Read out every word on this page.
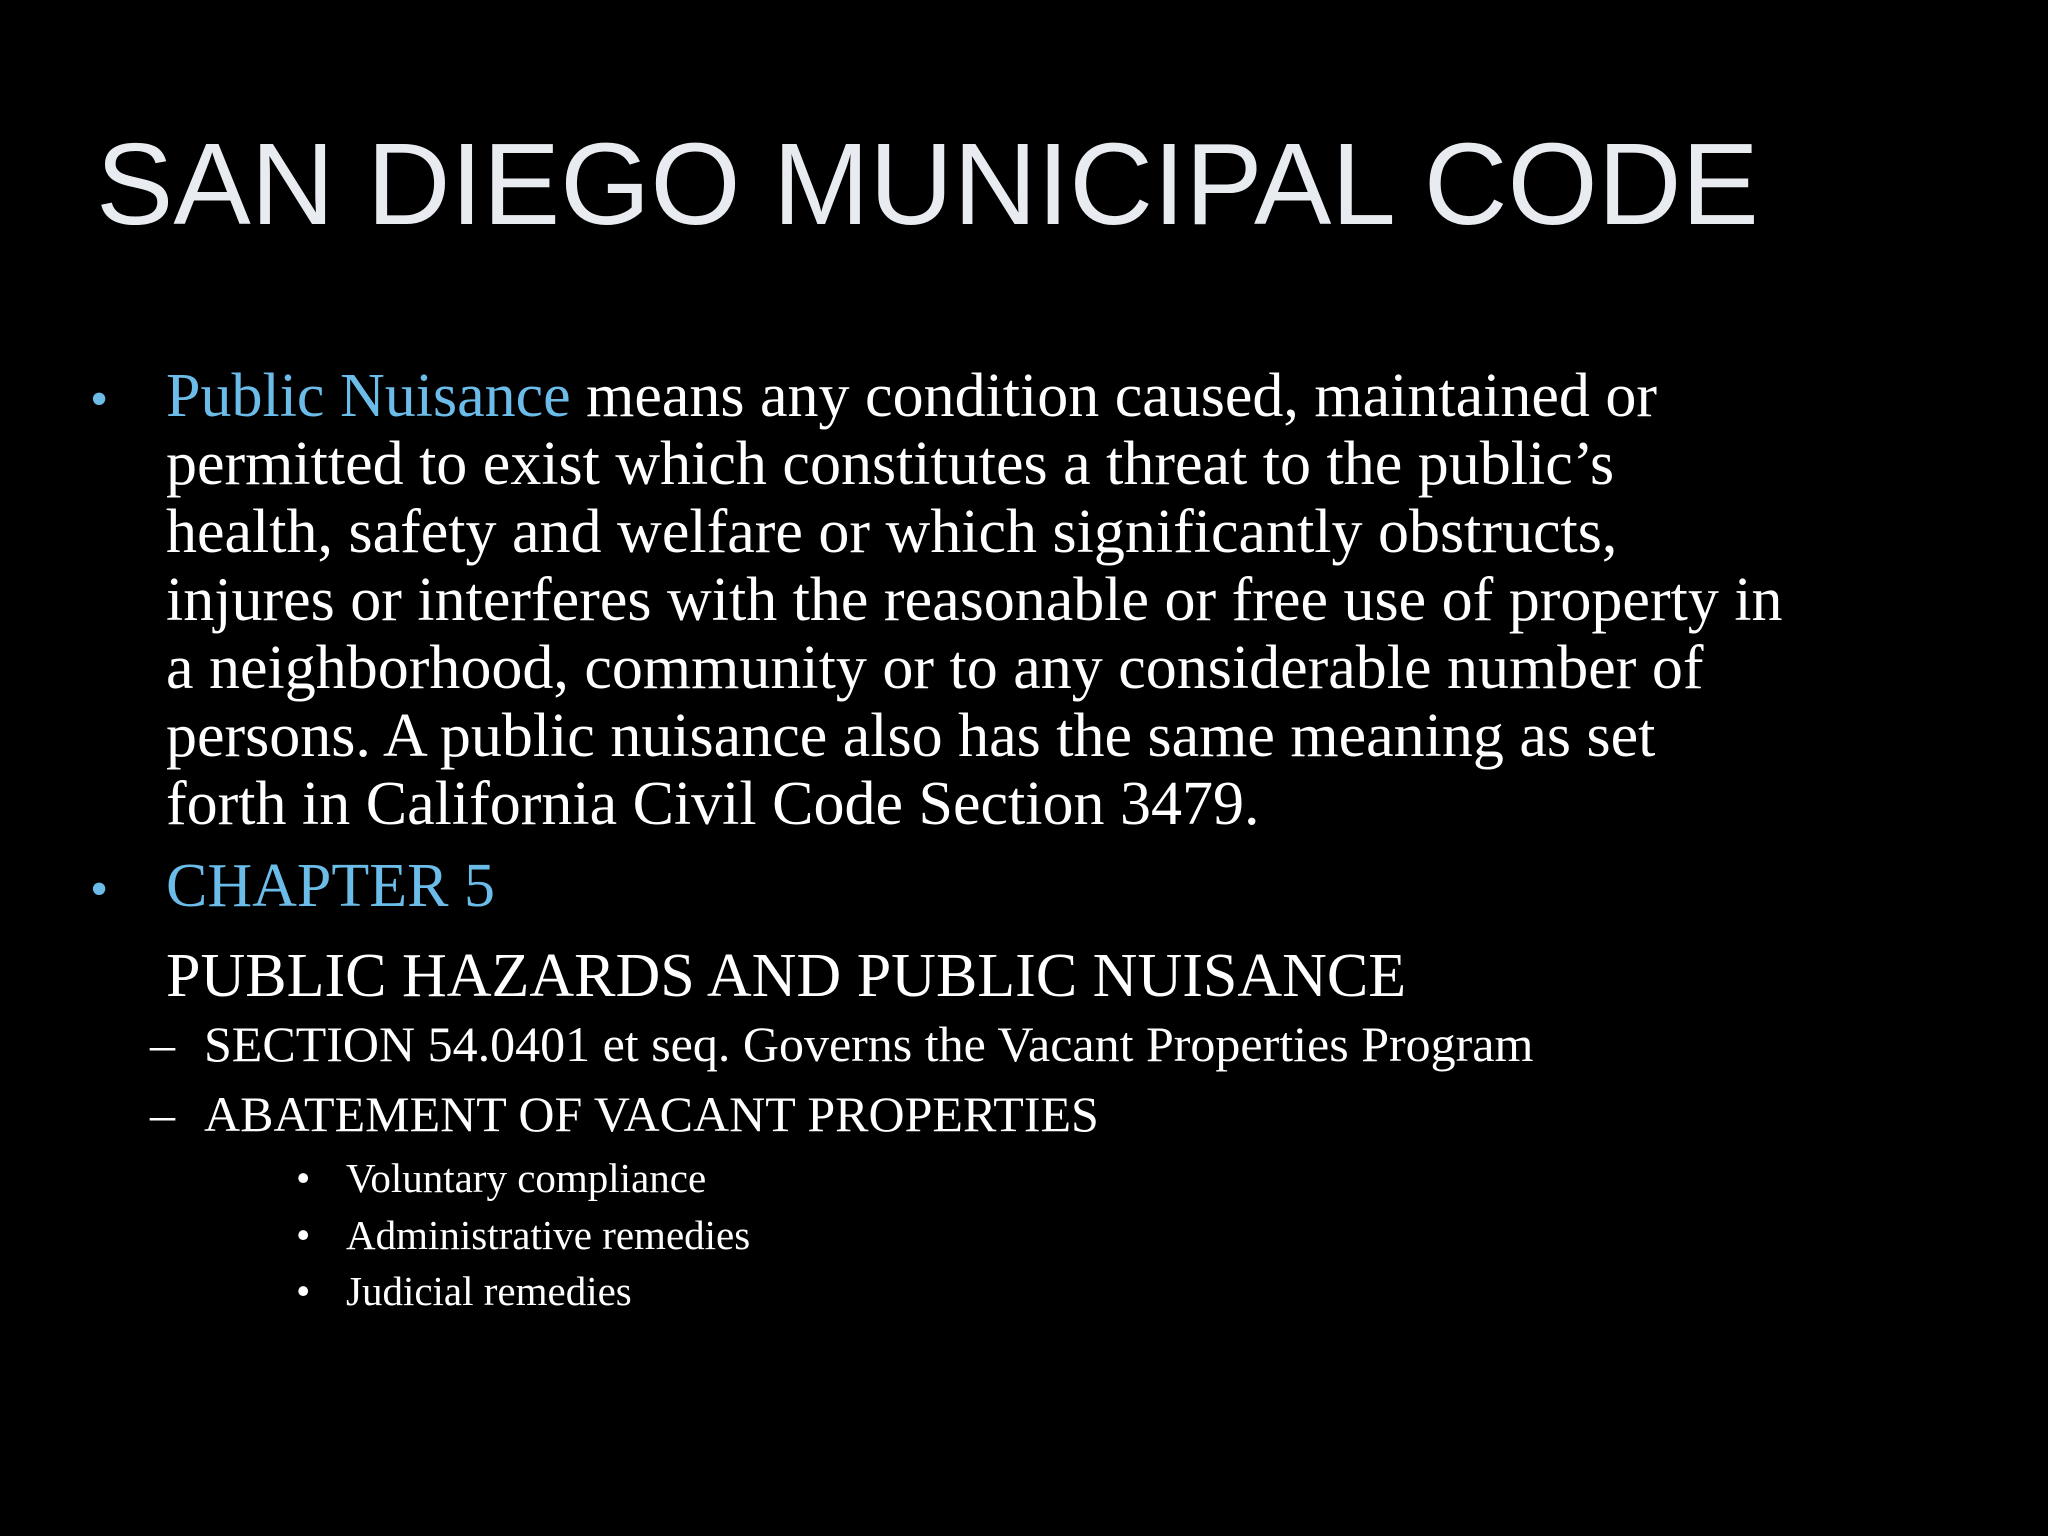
SAN DIEGO MUNICIPAL CODE
• Public Nuisance means any condition caused, maintained or
permitted to exist which constitutes a threat to the public’s
health, safety and welfare or which significantly obstructs,
injures or interferes with the reasonable or free use of property in
a neighborhood, community or to any considerable number of
persons. A public nuisance also has the same meaning as set
forth in California Civil Code Section 3479.
• CHAPTER 5
PUBLIC HAZARDS AND PUBLIC NUISANCE
– SECTION 54.0401 et seq. Governs the Vacant Properties Program
– ABATEMENT OF VACANT PROPERTIES
• Voluntary compliance
• Administrative remedies
• Judicial remedies
